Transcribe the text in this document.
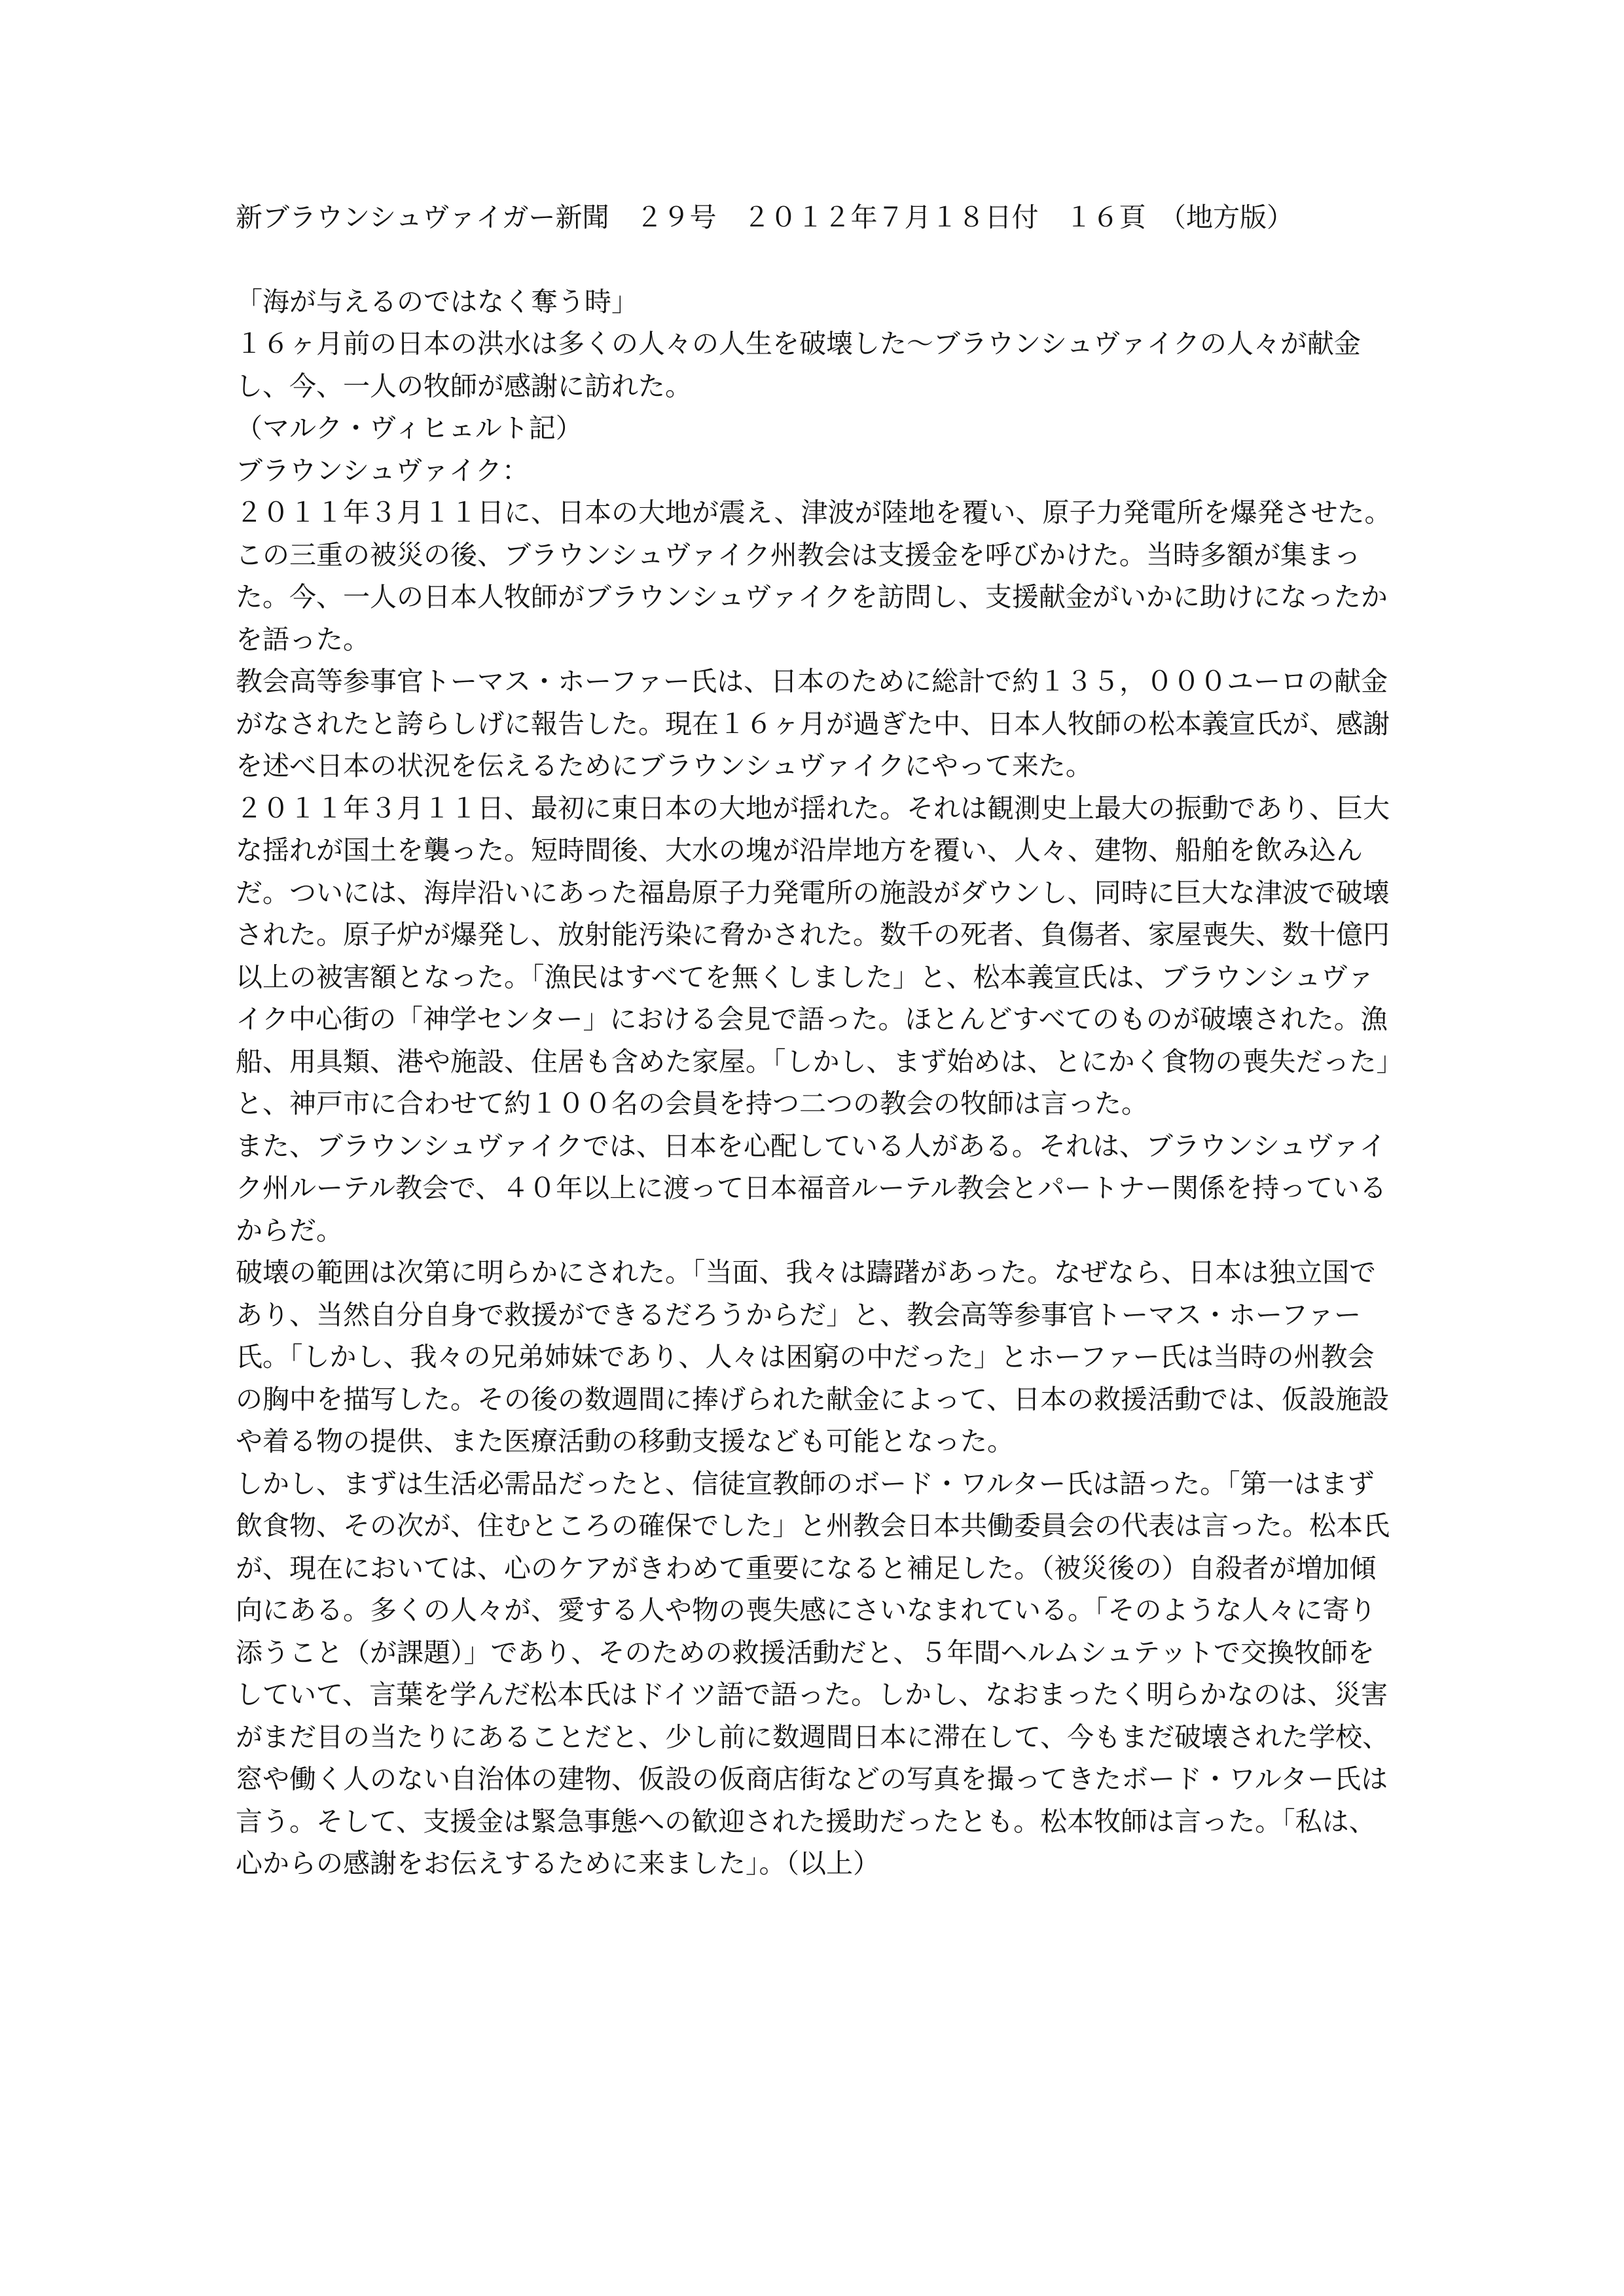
新ブラウンシュヴァイガー新聞　２９号　２０１２年７月１８日付　１６頁　（地方版）

「海が与えるのではなく奪う時」

１６ヶ月前の日本の洪水は多くの人々の人生を破壊した～ブラウンシュヴァイクの人々が献金し、今、一人の牧師が感謝に訪れた。

（マルク・ヴィヒェルト記）

ブラウンシュヴァイク：

２０１１年３月１１日に、日本の大地が震え、津波が陸地を覆い、原子力発電所を爆発させた。この三重の被災の後、ブラウンシュヴァイク州教会は支援金を呼びかけた。当時多額が集まった。今、一人の日本人牧師がブラウンシュヴァイクを訪問し、支援献金がいかに助けになったかを語った。

教会高等参事官トーマス・ホーファー氏は、日本のために総計で約１３５，０００ユーロの献金がなされたと誇らしげに報告した。現在１６ヶ月が過ぎた中、日本人牧師の松本義宣氏が、感謝を述べ日本の状況を伝えるためにブラウンシュヴァイクにやって来た。

２０１１年３月１１日、最初に東日本の大地が揺れた。それは観測史上最大の振動であり、巨大な揺れが国土を襲った。短時間後、大水の塊が沿岸地方を覆い、人々、建物、船舶を飲み込んだ。ついには、海岸沿いにあった福島原子力発電所の施設がダウンし、同時に巨大な津波で破壊された。原子炉が爆発し、放射能汚染に脅かされた。数千の死者、負傷者、家屋喪失、数十億円以上の被害額となった。「漁民はすべてを無くしました」と、松本義宣氏は、ブラウンシュヴァイク中心街の「神学センター」における会見で語った。ほとんどすべてのものが破壊された。漁船、用具類、港や施設、住居も含めた家屋。「しかし、まず始めは、とにかく食物の喪失だった」と、神戸市に合わせて約１００名の会員を持つ二つの教会の牧師は言った。

また、ブラウンシュヴァイクでは、日本を心配している人がある。それは、ブラウンシュヴァイク州ルーテル教会で、４０年以上に渡って日本福音ルーテル教会とパートナー関係を持っているからだ。

破壊の範囲は次第に明らかにされた。「当面、我々は躊躇があった。なぜなら、日本は独立国であり、当然自分自身で救援ができるだろうからだ」と、教会高等参事官トーマス・ホーファー氏。「しかし、我々の兄弟姉妹であり、人々は困窮の中だった」とホーファー氏は当時の州教会の胸中を描写した。その後の数週間に捧げられた献金によって、日本の救援活動では、仮設施設や着る物の提供、また医療活動の移動支援なども可能となった。

しかし、まずは生活必需品だったと、信徒宣教師のボード・ワルター氏は語った。「第一はまず飲食物、その次が、住むところの確保でした」と州教会日本共働委員会の代表は言った。松本氏が、現在においては、心のケアがきわめて重要になると補足した。（被災後の）自殺者が増加傾向にある。多くの人々が、愛する人や物の喪失感にさいなまれている。「そのような人々に寄り添うこと（が課題）」であり、そのための救援活動だと、５年間ヘルムシュテットで交換牧師をしていて、言葉を学んだ松本氏はドイツ語で語った。しかし、なおまったく明らかなのは、災害がまだ目の当たりにあることだと、少し前に数週間日本に滞在して、今もまだ破壊された学校、窓や働く人のない自治体の建物、仮設の仮商店街などの写真を撮ってきたボード・ワルター氏は言う。そして、支援金は緊急事態への歓迎された援助だったとも。松本牧師は言った。「私は、心からの感謝をお伝えするために来ました」。（以上）
